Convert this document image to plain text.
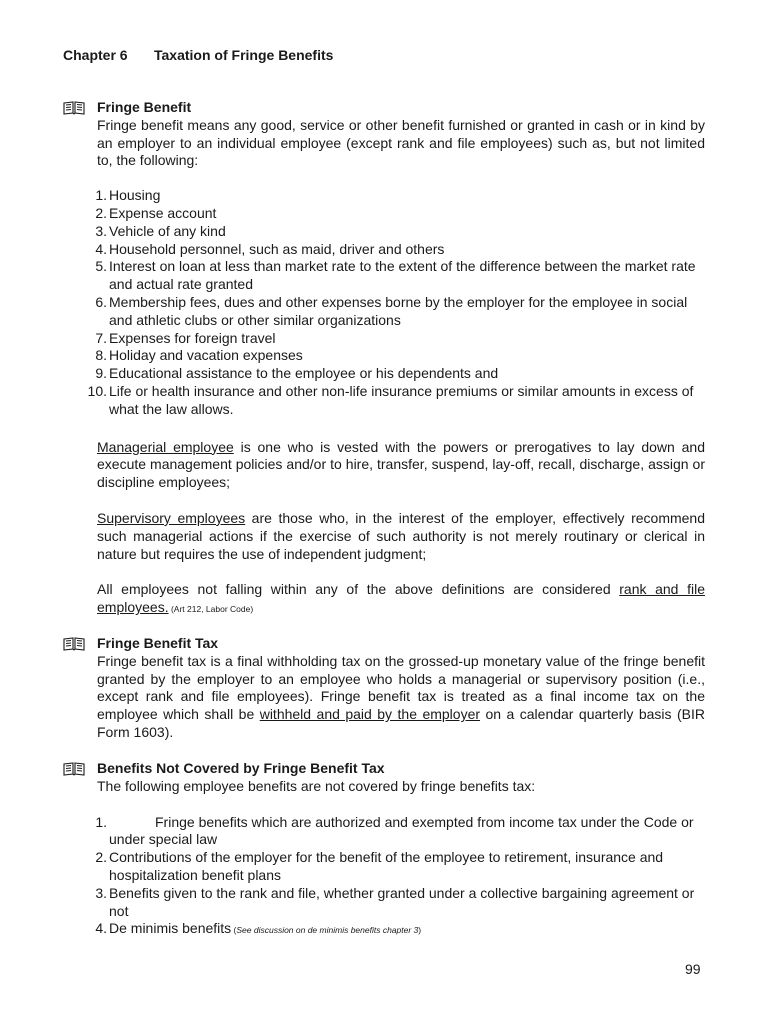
Chapter 6 Taxation of Fringe Benefits
Fringe Benefit
Fringe benefit means any good, service or other benefit furnished or granted in cash or in kind by an employer to an individual employee (except rank and file employees) such as, but not limited to, the following:
1. Housing
2. Expense account
3. Vehicle of any kind
4. Household personnel, such as maid, driver and others
5. Interest on loan at less than market rate to the extent of the difference between the market rate and actual rate granted
6. Membership fees, dues and other expenses borne by the employer for the employee in social and athletic clubs or other similar organizations
7. Expenses for foreign travel
8. Holiday and vacation expenses
9. Educational assistance to the employee or his dependents and
10. Life or health insurance and other non-life insurance premiums or similar amounts in excess of what the law allows.
Managerial employee is one who is vested with the powers or prerogatives to lay down and execute management policies and/or to hire, transfer, suspend, lay-off, recall, discharge, assign or discipline employees;
Supervisory employees are those who, in the interest of the employer, effectively recommend such managerial actions if the exercise of such authority is not merely routinary or clerical in nature but requires the use of independent judgment;
All employees not falling within any of the above definitions are considered rank and file employees. (Art 212, Labor Code)
Fringe Benefit Tax
Fringe benefit tax is a final withholding tax on the grossed-up monetary value of the fringe benefit granted by the employer to an employee who holds a managerial or supervisory position (i.e., except rank and file employees). Fringe benefit tax is treated as a final income tax on the employee which shall be withheld and paid by the employer on a calendar quarterly basis (BIR Form 1603).
Benefits Not Covered by Fringe Benefit Tax
The following employee benefits are not covered by fringe benefits tax:
1.	Fringe benefits which are authorized and exempted from income tax under the Code or under special law
2. Contributions of the employer for the benefit of the employee to retirement, insurance and hospitalization benefit plans
3. Benefits given to the rank and file, whether granted under a collective bargaining agreement or not
4. De minimis benefits (See discussion on de minimis benefits chapter 3)
99
